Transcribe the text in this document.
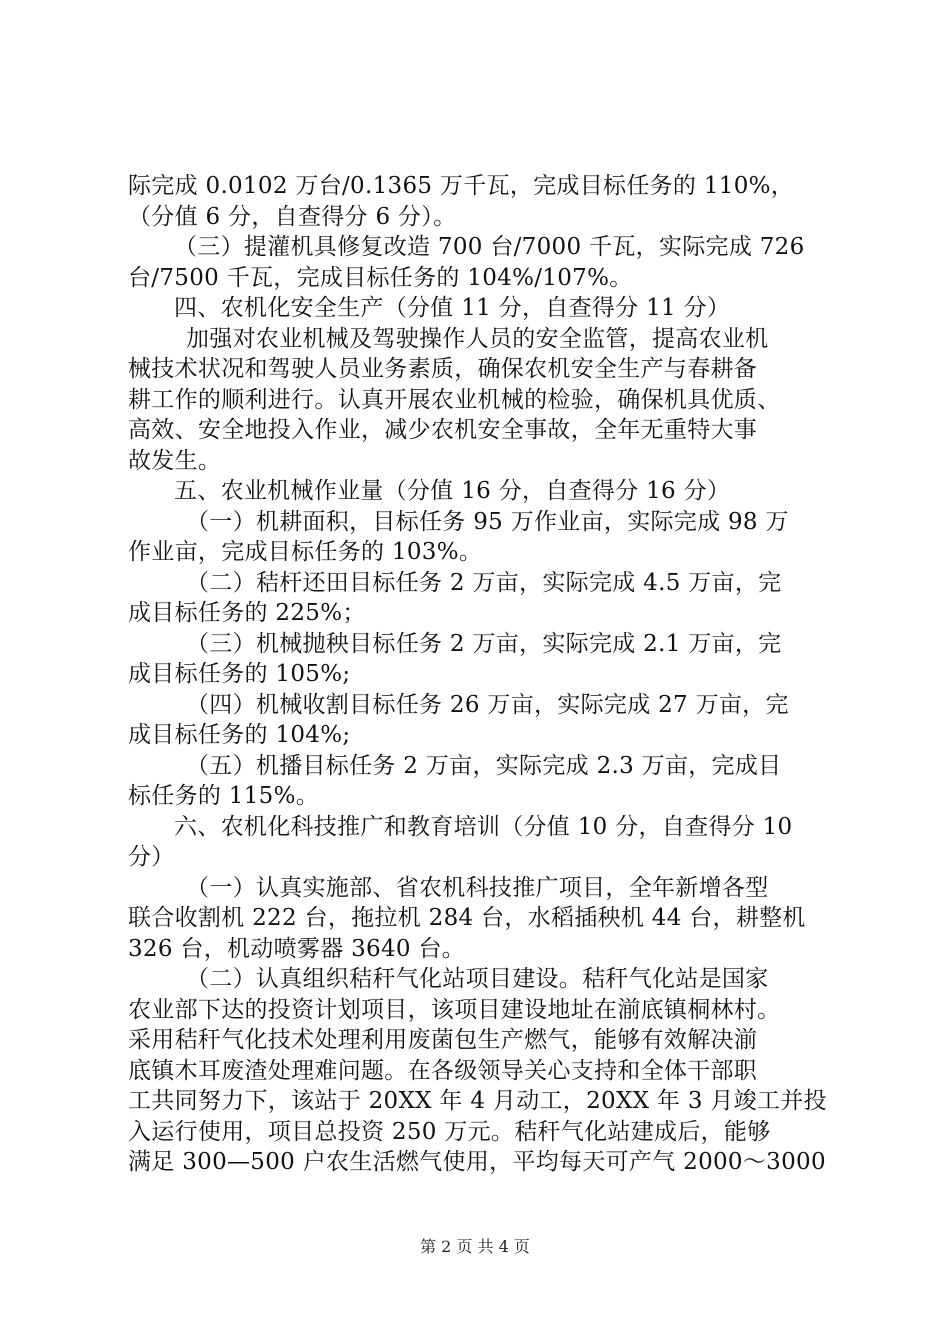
际完成 0.0102 万台/0.1365 万千瓦，完成目标任务的 110%，
（分值 6 分，自查得分 6 分）。
（三）提灌机具修复改造 700 台/7000 千瓦，实际完成 726
台/7500 千瓦，完成目标任务的 104%/107%。
四、农机化安全生产（分值 11 分，自查得分 11 分）
加强对农业机械及驾驶操作人员的安全监管，提高农业机
械技术状况和驾驶人员业务素质，确保农机安全生产与春耕备
耕工作的顺利进行。认真开展农业机械的检验，确保机具优质、
高效、安全地投入作业，减少农机安全事故，全年无重特大事
故发生。
五、农业机械作业量（分值 16 分，自查得分 16 分）
（一）机耕面积，目标任务 95 万作业亩，实际完成 98 万
作业亩，完成目标任务的 103%。
（二）秸杆还田目标任务 2 万亩，实际完成 4.5 万亩，完
成目标任务的 225%；
（三）机械抛秧目标任务 2 万亩，实际完成 2.1 万亩，完
成目标任务的 105%;
（四）机械收割目标任务 26 万亩，实际完成 27 万亩，完
成目标任务的 104%;
（五）机播目标任务 2 万亩，实际完成 2.3 万亩，完成目
标任务的 115%。
六、农机化科技推广和教育培训（分值 10 分，自查得分 10
分）
（一）认真实施部、省农机科技推广项目，全年新增各型
联合收割机 222 台，拖拉机 284 台，水稻插秧机 44 台，耕整机
326 台，机动喷雾器 3640 台。
（二）认真组织秸秆气化站项目建设。秸秆气化站是国家
农业部下达的投资计划项目，该项目建设地址在湔底镇桐林村。
采用秸秆气化技术处理利用废菌包生产燃气，能够有效解决湔
底镇木耳废渣处理难问题。在各级领导关心支持和全体干部职
工共同努力下，该站于 20XX 年 4 月动工，20XX 年 3 月竣工并投
入运行使用，项目总投资 250 万元。秸秆气化站建成后，能够
满足 300—500 户农生活燃气使用，平均每天可产气 2000～3000
第 2 页 共 4 页
